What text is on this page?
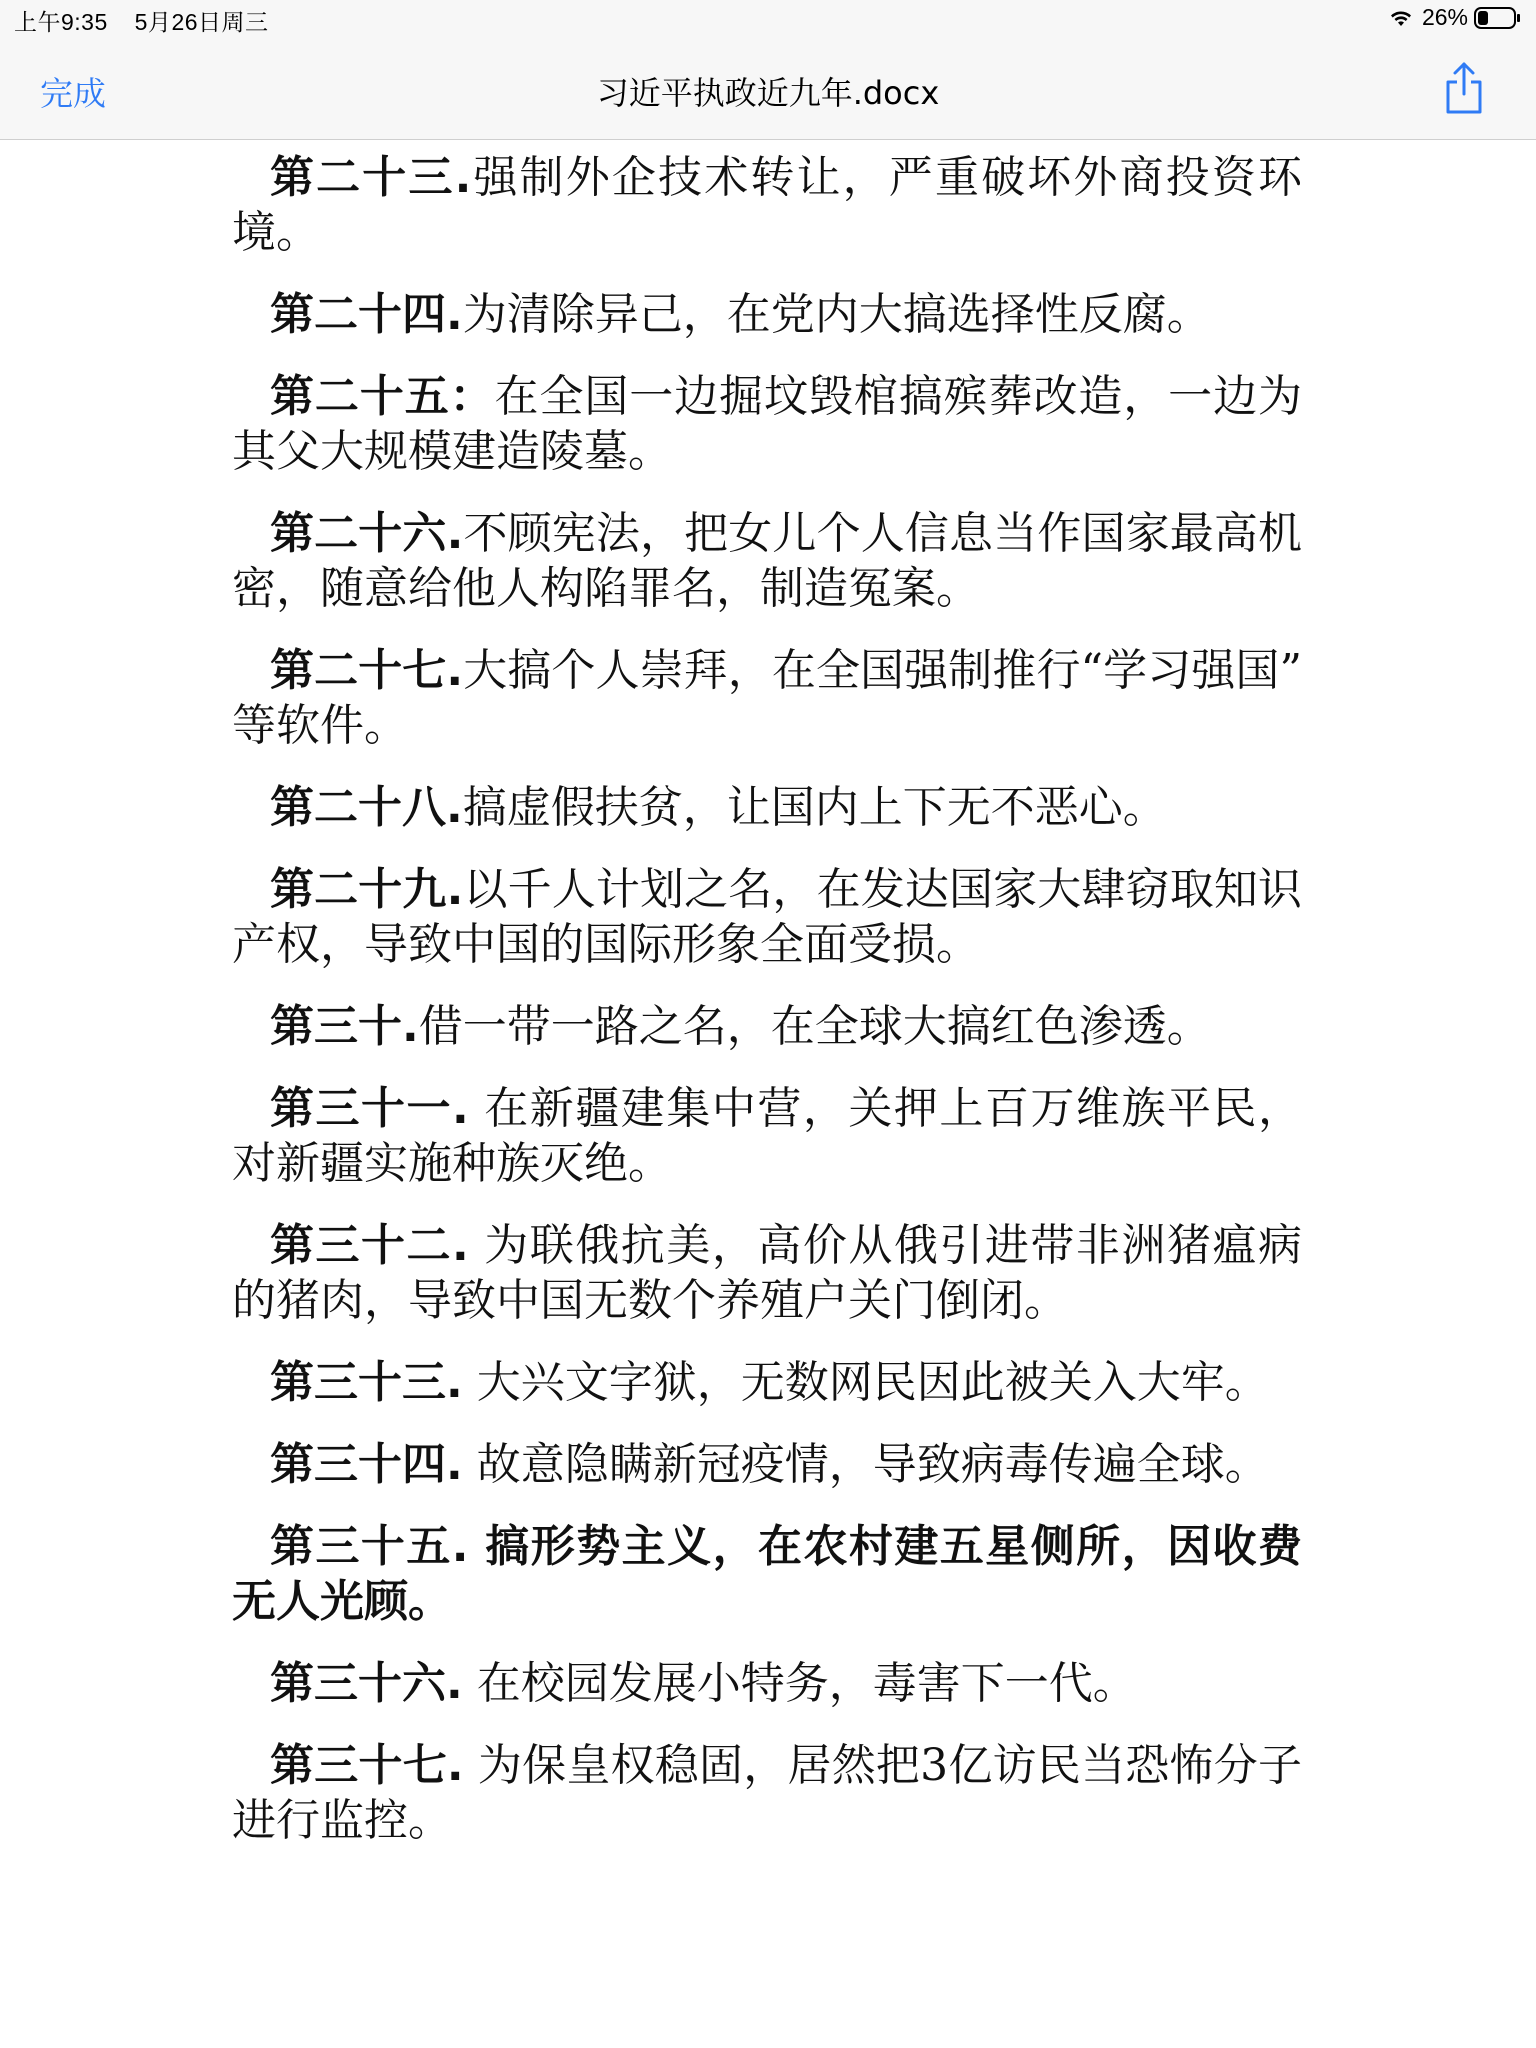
上午9:35 5月26日周三	26%
完成	习近平执政近九年.docx

第二十三.强制外企技术转让，严重破坏外商投资环境。

第二十四.为清除异己，在党内大搞选择性反腐。

第二十五：在全国一边掘坟毁棺搞殡葬改造，一边为其父大规模建造陵墓。

第二十六.不顾宪法，把女儿个人信息当作国家最高机密，随意给他人构陷罪名，制造冤案。

第二十七.大搞个人崇拜，在全国强制推行“学习强国” 等软件。

第二十八.搞虚假扶贫，让国内上下无不恶心。

第二十九.以千人计划之名，在发达国家大肆窃取知识产权，导致中国的国际形象全面受损。

第三十.借一带一路之名，在全球大搞红色渗透。

第三十一. 在新疆建集中营，关押上百万维族平民，对新疆实施种族灭绝。

第三十二. 为联俄抗美，高价从俄引进带非洲猪瘟病的猪肉，导致中国无数个养殖户关门倒闭。

第三十三. 大兴文字狱，无数网民因此被关入大牢。

第三十四. 故意隐瞒新冠疫情，导致病毒传遍全球。

第三十五. 搞形势主义，在农村建五星侧所，因收费无人光顾。

第三十六. 在校园发展小特务，毒害下一代。

第三十七. 为保皇权稳固，居然把3亿访民当恐怖分子进行监控。
